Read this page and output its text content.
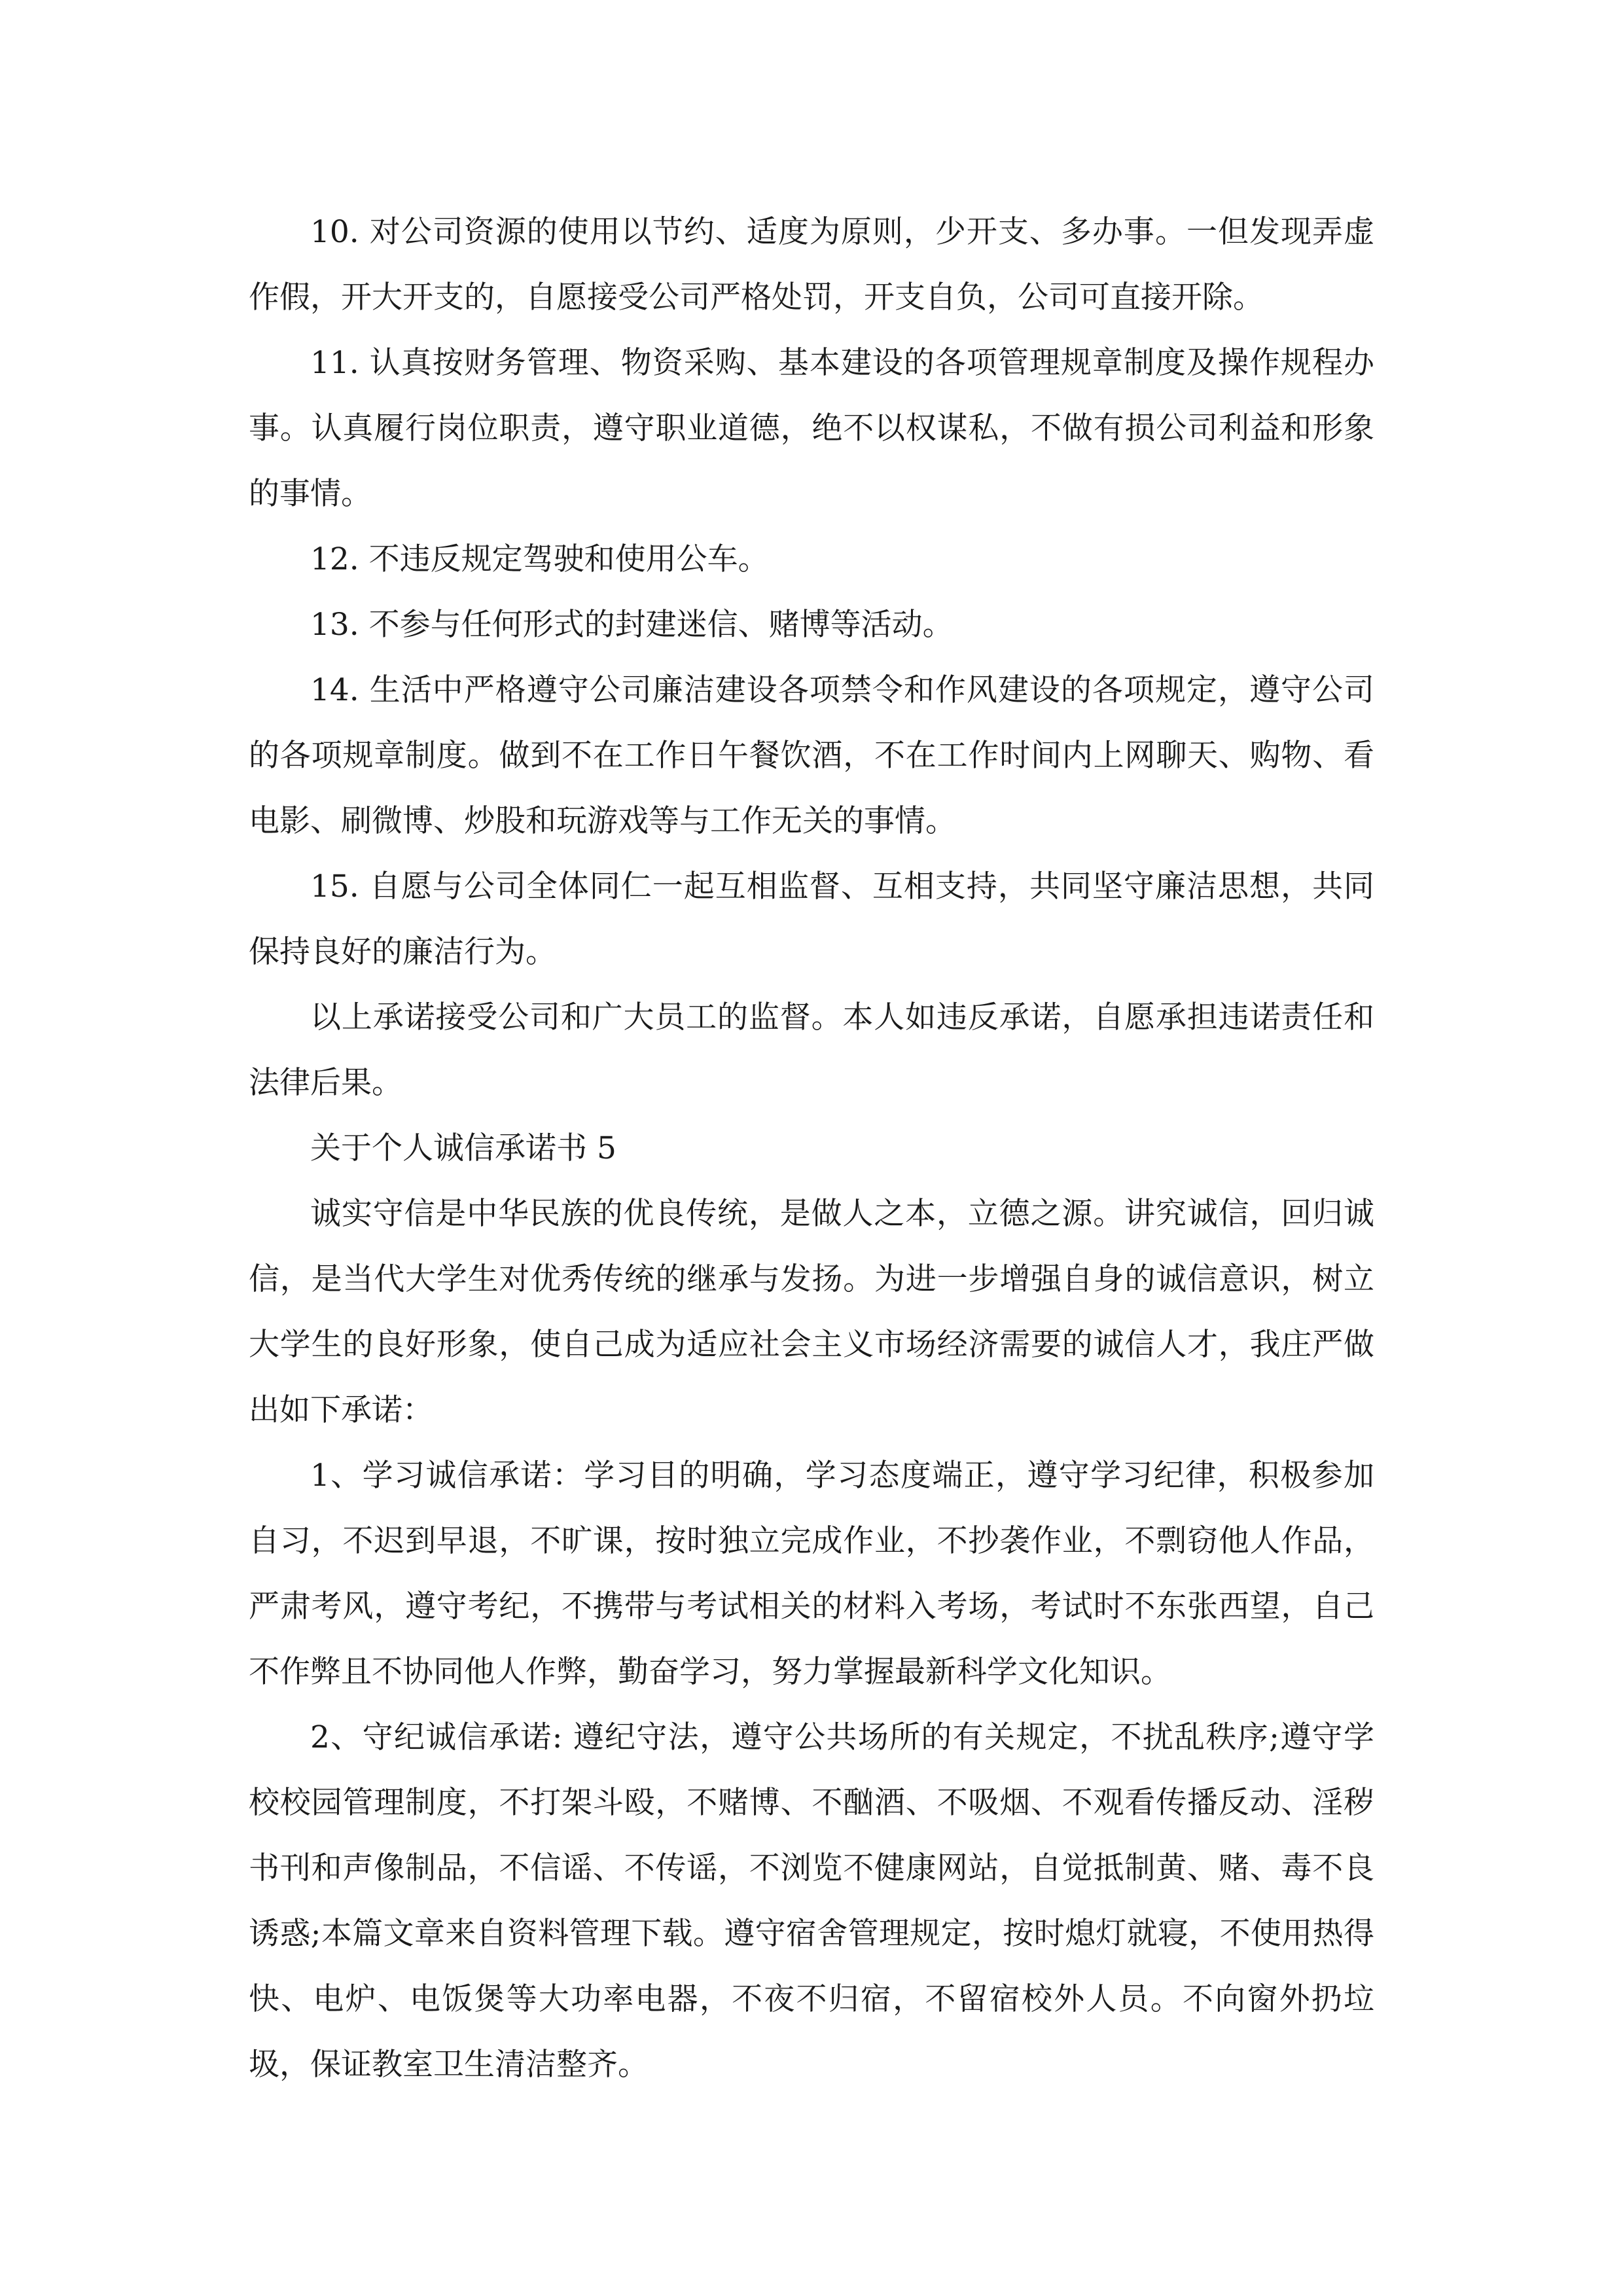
10. 对公司资源的使用以节约、适度为原则，少开支、多办事。一但发现弄虚作假，开大开支的，自愿接受公司严格处罚，开支自负，公司可直接开除。

11. 认真按财务管理、物资采购、基本建设的各项管理规章制度及操作规程办事。认真履行岗位职责，遵守职业道德，绝不以权谋私，不做有损公司利益和形象的事情。

12. 不违反规定驾驶和使用公车。

13. 不参与任何形式的封建迷信、赌博等活动。

14. 生活中严格遵守公司廉洁建设各项禁令和作风建设的各项规定，遵守公司的各项规章制度。做到不在工作日午餐饮酒，不在工作时间内上网聊天、购物、看电影、刷微博、炒股和玩游戏等与工作无关的事情。

15. 自愿与公司全体同仁一起互相监督、互相支持，共同坚守廉洁思想，共同保持良好的廉洁行为。

以上承诺接受公司和广大员工的监督。本人如违反承诺，自愿承担违诺责任和法律后果。

关于个人诚信承诺书 5

诚实守信是中华民族的优良传统，是做人之本，立德之源。讲究诚信，回归诚信，是当代大学生对优秀传统的继承与发扬。为进一步增强自身的诚信意识，树立大学生的良好形象，使自己成为适应社会主义市场经济需要的诚信人才，我庄严做出如下承诺：

1、学习诚信承诺：学习目的明确，学习态度端正，遵守学习纪律，积极参加自习，不迟到早退，不旷课，按时独立完成作业，不抄袭作业，不剽窃他人作品，严肃考风，遵守考纪，不携带与考试相关的材料入考场，考试时不东张西望，自己不作弊且不协同他人作弊，勤奋学习，努力掌握最新科学文化知识。

2、守纪诚信承诺: 遵纪守法，遵守公共场所的有关规定，不扰乱秩序;遵守学校校园管理制度，不打架斗殴，不赌博、不酗酒、不吸烟、不观看传播反动、淫秽书刊和声像制品，不信谣、不传谣，不浏览不健康网站，自觉抵制黄、赌、毒不良诱惑;本篇文章来自资料管理下载。遵守宿舍管理规定，按时熄灯就寝，不使用热得快、电炉、电饭煲等大功率电器，不夜不归宿，不留宿校外人员。不向窗外扔垃圾，保证教室卫生清洁整齐。
